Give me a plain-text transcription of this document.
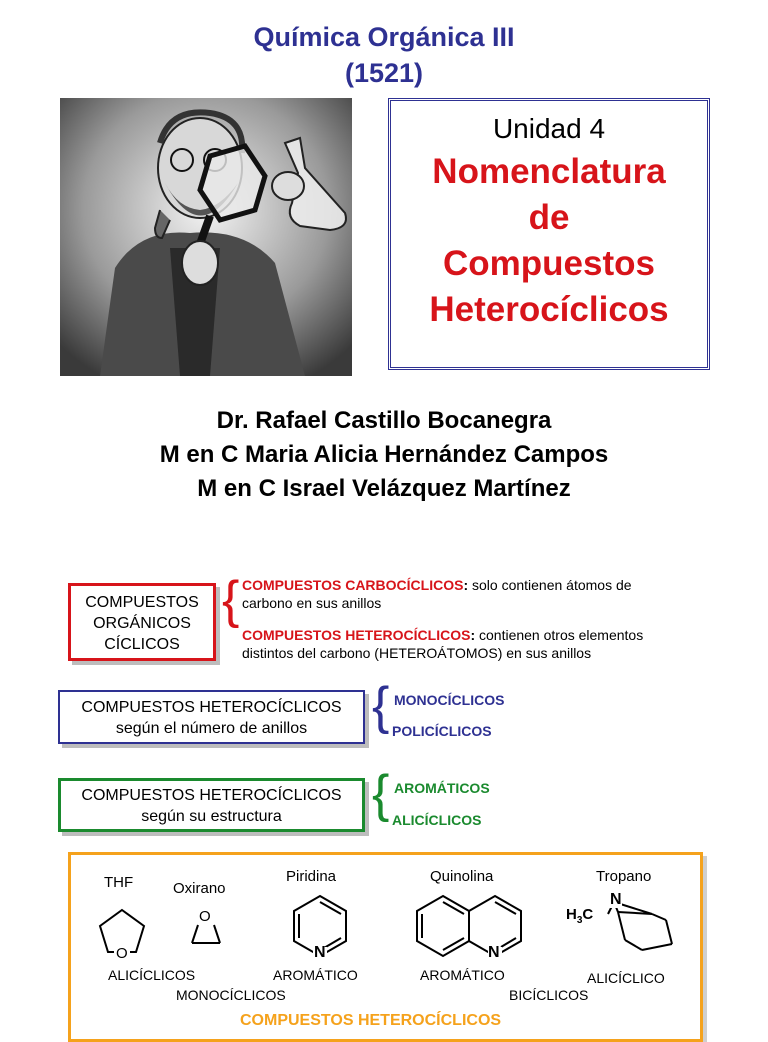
Química Orgánica III
(1521)
Unidad 4
Nomenclatura
de
Compuestos
Heterocíclicos
Dr. Rafael Castillo Bocanegra
M en C Maria Alicia Hernández Campos
M en C Israel Velázquez Martínez
COMPUESTOS
ORGÁNICOS
CÍCLICOS
{ COMPUESTOS CARBOCÍCLICOS: solo contienen átomos de
carbono en sus anillos
COMPUESTOS HETEROCÍCLICOS: contienen otros elementos
distintos del carbono (HETEROÁTOMOS) en sus anillos
COMPUESTOS HETEROCÍCLICOS
según el número de anillos	{ MONOCÍCLICOS
POLICÍCLICOS
COMPUESTOS HETEROCÍCLICOS
según su estructura	{ AROMÁTICOS
ALICÍCLICOS
THF	Oxirano
Piridina	Quinolina	Tropano
O
O
N	N
N
$H_3C$
ALICÍCLICOS	AROMÁTICO	AROMÁTICO	ALICÍCLICO
MONOCÍCLICOS	BICÍCLICOS
COMPUESTOS HETEROCÍCLICOS
